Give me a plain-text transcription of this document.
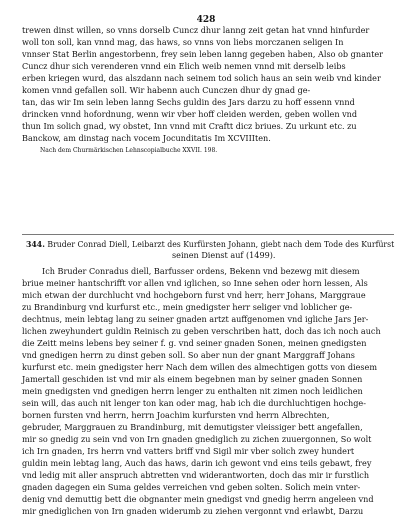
428
trewen dinst willen, so vnns dorselb Cuncz dhur lanng zeit getan hat vnnd hinfurder
woll ton soll, kan vnnd mag, das haws, so vnns von liebs morczanen seligen In
vnnser Stat Berlin angestorbenn, frey sein leben lanng gegeben haben, Also ob gnanter
Cuncz dhur sich verenderen vnnd ein Elich weib nemen vnnd mit derselb leibs
erben kriegen wurd, das alszdann nach seinem tod solich haus an sein weib vnd kinder
komen vnnd gefallen soll. Wir habenn auch Cunczen dhur dy gnad ge-
tan, das wir Im sein leben lanng Sechs guldin des Jars darzu zu hoff essenn vnnd
drincken vnnd hofordnung, wenn wir vber hoff cleiden werden, geben wollen vnd
thun Im solich gnad, wy obstet, Inn vnnd mit Craftt dicz briues. Zu urkunt etc. zu
Banckow, am dinstag nach vocem Jocunditatis Im XCVIIIten.
Nach dem Churmärkischen Lehnscopialbuche XXVII. 198.
344. Bruder Conrad Diell, Leibarzt des Kurfürsten Johann, giebt nach dem Tode des Kurfürst
seinen Dienst auf (1499).
Ich Bruder Conradus diell, Barfusser ordens, Bekenn vnd bezewg mit diesem
briue meiner hantschrifft vor allen vnd iglichen, so Inne sehen oder horn lessen, Als
mich etwan der durchlucht vnd hochgeborn furst vnd herr, herr Johans, Marggraue
zu Brandinburg vnd kurfurst etc., mein gnedigster herr seliger vnd loblicher ge-
dechtnus, mein lebtag lang zu seiner gnaden artzt auffgenomen vnd igliche Jars Jer-
lichen zweyhundert guldin Reinisch zu geben verschriben hatt, doch das ich noch auch
die Zeitt meins lebens bey seiner f. g. vnd seiner gnaden Sonen, meinen gnedigsten
vnd gnedigen herrn zu dinst geben soll. So aber nun der gnant Marggraff Johans
kurfurst etc. mein gnedigster herr Nach dem willen des almechtigen gotts von diesem
Jamertall geschiden ist vnd mir als einem begebnen man by seiner gnaden Sonnen
mein gnedigsten vnd gnedigen herrn lenger zu enthalten nit zimen noch leidlichen
sein will, das auch nit lenger ton kan oder mag, hab ich die durchluchtigen hochge-
bornen fursten vnd herrn, herrn Joachim kurfursten vnd herrn Albrechten,
gebruder, Marggrauen zu Brandinburg, mit demutigster vleissiger bett angefallen,
mir so gnedig zu sein vnd von Irn gnaden gnediglich zu zichen zuuergonnen, So wolt
ich Irn gnaden, Irs herrn vnd vatters briff vnd Sigil mir vber solich zwey hundert
guldin mein lebtag lang, Auch das haws, darin ich gewont vnd eins teils gebawt, frey
vnd ledig mit aller anspruch abtretten vnd widerantworten, doch das mir ir furstlich
gnaden dagegen ein Suma geldes verreichen vnd geben solten. Solich mein vnter-
denig vnd demuttig bett die obgnanter mein gnedigst vnd gnedig herrn angeleen vnd
mir gnediglichen von Irn gnaden widerumb zu ziehen vergonnt vnd erlawbt, Darzu
